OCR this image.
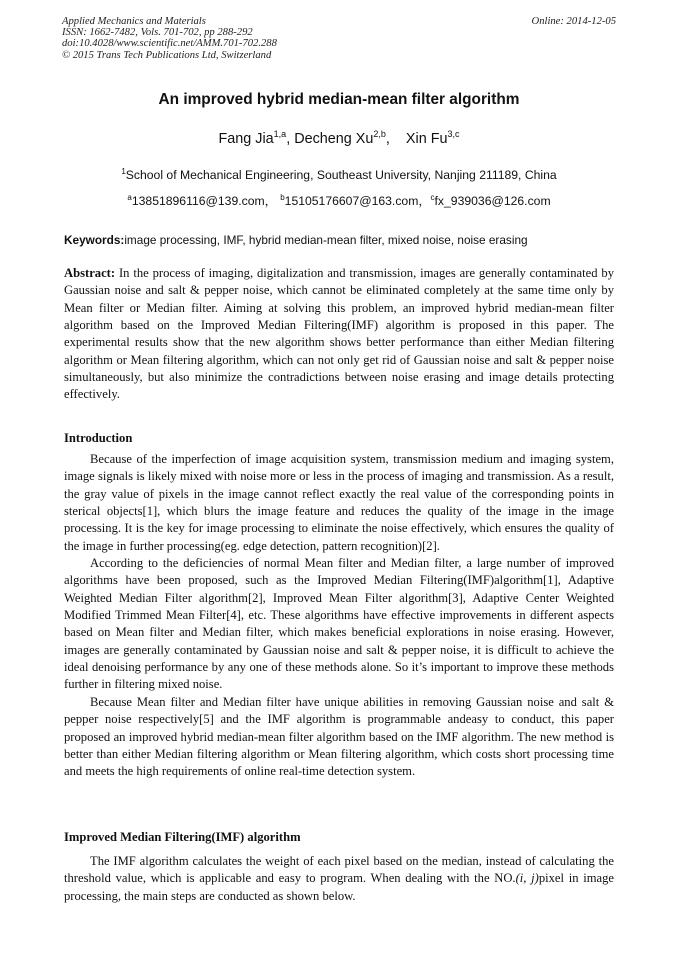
Applied Mechanics and Materials
ISSN: 1662-7482, Vols. 701-702, pp 288-292
doi:10.4028/www.scientific.net/AMM.701-702.288
© 2015 Trans Tech Publications Ltd, Switzerland
Online: 2014-12-05
An improved hybrid median-mean filter algorithm
Fang Jia$^{1,a}$, Decheng Xu$^{2,b}$,    Xin Fu$^{3,c}$
$^1$School of Mechanical Engineering, Southeast University, Nanjing 211189, China
$^a$13851896116@139.com， $^b$15105176607@163.com，$^c$fx_939036@126.com
Keywords:image processing, IMF, hybrid median-mean filter, mixed noise, noise erasing
Abstract: In the process of imaging, digitalization and transmission, images are generally contaminated by Gaussian noise and salt & pepper noise, which cannot be eliminated completely at the same time only by Mean filter or Median filter. Aiming at solving this problem, an improved hybrid median-mean filter algorithm based on the Improved Median Filtering(IMF) algorithm is proposed in this paper. The experimental results show that the new algorithm shows better performance than either Median filtering algorithm or Mean filtering algorithm, which can not only get rid of Gaussian noise and salt & pepper noise simultaneously, but also minimize the contradictions between noise erasing and image details protecting effectively.
Introduction

Because of the imperfection of image acquisition system, transmission medium and imaging system, image signals is likely mixed with noise more or less in the process of imaging and transmission. As a result, the gray value of pixels in the image cannot reflect exactly the real value of the corresponding points in sterical objects[1], which blurs the image feature and reduces the quality of the image in the image processing. It is the key for image processing to eliminate the noise effectively, which ensures the quality of the image in further processing(eg. edge detection, pattern recognition)[2].

According to the deficiencies of normal Mean filter and Median filter, a large number of improved algorithms have been proposed, such as the Improved Median Filtering(IMF)algorithm[1], Adaptive Weighted Median Filter algorithm[2], Improved Mean Filter algorithm[3], Adaptive Center Weighted Modified Trimmed Mean Filter[4], etc. These algorithms have effective improvements in different aspects based on Mean filter and Median filter, which makes beneficial explorations in noise erasing. However, images are generally contaminated by Gaussian noise and salt & pepper noise, it is difficult to achieve the ideal denoising performance by any one of these methods alone. So it’s important to improve these methods further in filtering mixed noise.

Because Mean filter and Median filter have unique abilities in removing Gaussian noise and salt & pepper noise respectively[5] and the IMF algorithm is programmable andeasy to conduct, this paper proposed an improved hybrid median-mean filter algorithm based on the IMF algorithm. The new method is better than either Median filtering algorithm or Mean filtering algorithm, which costs short processing time and meets the high requirements of online real-time detection system.

Improved Median Filtering(IMF) algorithm

The IMF algorithm calculates the weight of each pixel based on the median, instead of calculating the threshold value, which is applicable and easy to program. When dealing with the NO.(i, j)pixel in image processing, the main steps are conducted as shown below.
